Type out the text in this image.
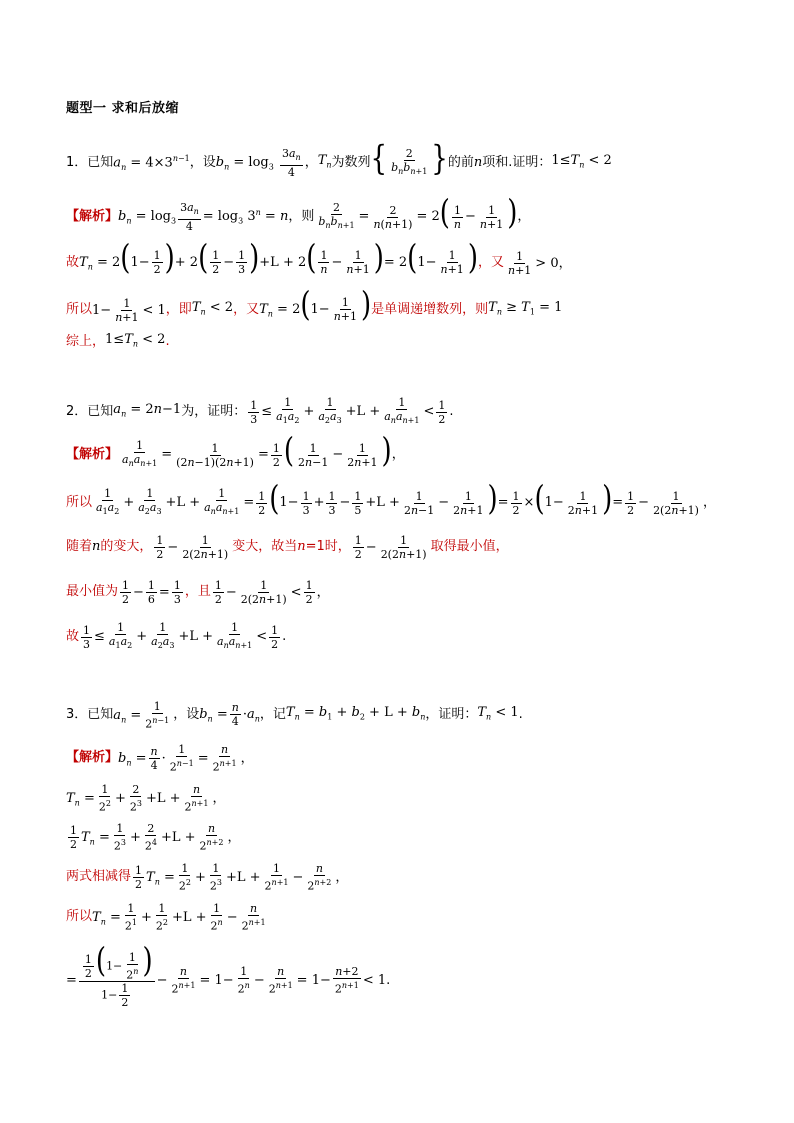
题型一 求和后放缩
1． 已知 $a_n = 4\times 3^{n-1}$ ，设 $b_n = \log_3 \frac{3a_n}{4}$ ， $T_n$ 为数列 { $\frac{2}{b_nb_{n+1}}$ } 的前 n 项和.证明： $1\le T_n < 2$
【解析】 $b_n = \log_3 \frac{3a_n}{4} = \log_3 3^n = n$ ，则 $\frac{2}{b_nb_{n+1}} = \frac{2}{n(n+1)} = 2( \frac{1}{n} - \frac{1}{n+1}$ )，
故 $T_n = 2(1- \frac{1}{2}$ )+ $2( \frac{1}{2} - \frac{1}{3} )+L + 2( \frac{1}{n} - \frac{1}{n+1}$ )= $2(1- \frac{1}{n+1}$ ) ，又 $\frac{1}{n+1} > 0$，
所以 $1- \frac{1}{n+1} < 1$ ，即 $T_n < 2$ ，又 $T_n = 2(1- \frac{1}{n+1}$ ) 是单调递增数列，则 $T_n \ge T_1 = 1$
综上， $1\le T_n < 2$ .
2． 已知 $a_n = 2n-1$ 为，证明： $\frac{1}{3} \le \frac{1}{a_1a_2} + \frac{1}{a_2a_3} +L + \frac{1}{a_na_{n+1}} < \frac{1}{2}$ .
【解析】 $\frac{1}{a_na_{n+1}} = \frac{1}{(2n-1)(2n+1)} = \frac{1}{2}$ ( $\frac{1}{2n-1} - \frac{1}{2n+1}$ )，
所以 $\frac{1}{a_1a_2} + \frac{1}{a_2a_3} +L + \frac{1}{a_na_{n+1}} = \frac{1}{2} (1- \frac{1}{3} + \frac{1}{3} - \frac{1}{5} +L + \frac{1}{2n-1} - \frac{1}{2n+1}$ )= $\frac{1}{2} \times(1- \frac{1}{2n+1}$ )= $\frac{1}{2} - \frac{1}{2(2n+1)}$ ，
随着 n 的变大， $\frac{1}{2} - \frac{1}{2(2n+1)}$ 变大，故当 n =1时， $\frac{1}{2} - \frac{1}{2(2n+1)}$ 取得最小值，
最小值为 $\frac{1}{2} - \frac{1}{6} = \frac{1}{3}$ ，且 $\frac{1}{2} - \frac{1}{2(2n+1)} < \frac{1}{2}$ ，
故 $\frac{1}{3} \le \frac{1}{a_1a_2} + \frac{1}{a_2a_3} +L + \frac{1}{a_na_{n+1}} < \frac{1}{2}$ .
3． 已知 $a_n = \frac{1}{2^{n-1}}$ ，设 $b_n = \frac{n}{4} \cdot a_n$ ，记 $T_n = b_1 + b_2 + L + b_n$ ，证明： $T_n < 1$ .
【解析】 $b_n = \frac{n}{4} \cdot \frac{1}{2^{n-1}} = \frac{n}{2^{n+1}}$ ，
$T_n = \frac{1}{2^2} + \frac{2}{2^3} +L + \frac{n}{2^{n+1}}$ ，
$\frac{1}{2} T_n = \frac{1}{2^3} + \frac{2}{2^4} +L + \frac{n}{2^{n+2}}$ ，
两式相减得 $\frac{1}{2} T_n = \frac{1}{2^2} + \frac{1}{2^3} +L + \frac{1}{2^{n+1}} - \frac{n}{2^{n+2}}$ ，
所以 $T_n = \frac{1}{2^1} + \frac{1}{2^2} +L + \frac{1}{2^n} - \frac{n}{2^{n+1}}$
= $\frac{\frac{1}{2} (1- \frac{1}{2^n} )}{1- \frac{1}{2}} - \frac{n}{2^{n+1}} = 1- \frac{1}{2^n} - \frac{n}{2^{n+1}} = 1- \frac{n+2}{2^{n+1}} < 1$.
